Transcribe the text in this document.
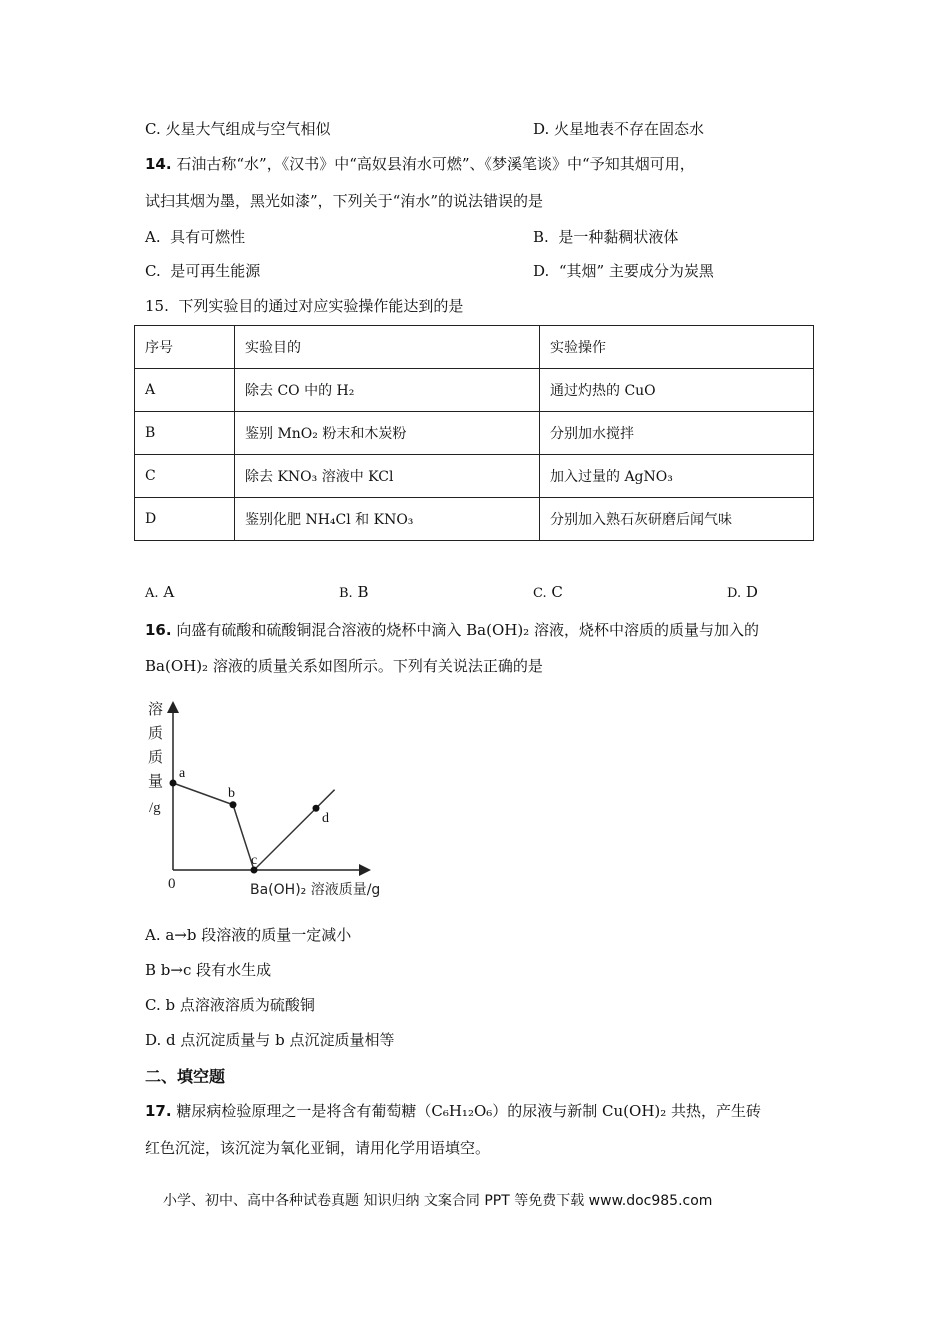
C. 火星大气组成与空气相似	D. 火星地表不存在固态水
14. 石油古称“水”，《汉书》中“高奴县洧水可燃”、《梦溪笔谈》中“予知其烟可用，
试扫其烟为墨，黑光如漆”，下列关于“洧水”的说法错误的是
A. 具有可燃性	B. 是一种黏稠状液体
C. 是可再生能源	D. “其烟” 主要成分为炭黑
15. 下列实验目的通过对应实验操作能达到的是
序号	实验目的	实验操作
A	除去 CO 中的 H₂	通过灼热的 CuO
B	鉴别 MnO₂ 粉末和木炭粉	分别加水搅拌
C	除去 KNO₃ 溶液中 KCl	加入过量的 AgNO₃
D	鉴别化肥 NH₄Cl 和 KNO₃	分别加入熟石灰研磨后闻气味
A. A	B. B	C. C	D. D
16. 向盛有硫酸和硫酸铜混合溶液的烧杯中滴入 Ba(OH)₂ 溶液，烧杯中溶质的质量与加入的
Ba(OH)₂ 溶液的质量关系如图所示。下列有关说法正确的是
溶
质
质
量
/g
0	Ba(OH)₂ 溶液质量/g
a
b
c
d
A. a→b 段溶液的质量一定减小
B b→c 段有水生成
C. b 点溶液溶质为硫酸铜
D. d 点沉淀质量与 b 点沉淀质量相等
二、填空题
17. 糖尿病检验原理之一是将含有葡萄糖（C₆H₁₂O₆）的尿液与新制 Cu(OH)₂ 共热，产生砖
红色沉淀，该沉淀为氧化亚铜，请用化学用语填空。
小学、初中、高中各种试卷真题 知识归纳 文案合同 PPT 等免费下载 www.doc985.com
